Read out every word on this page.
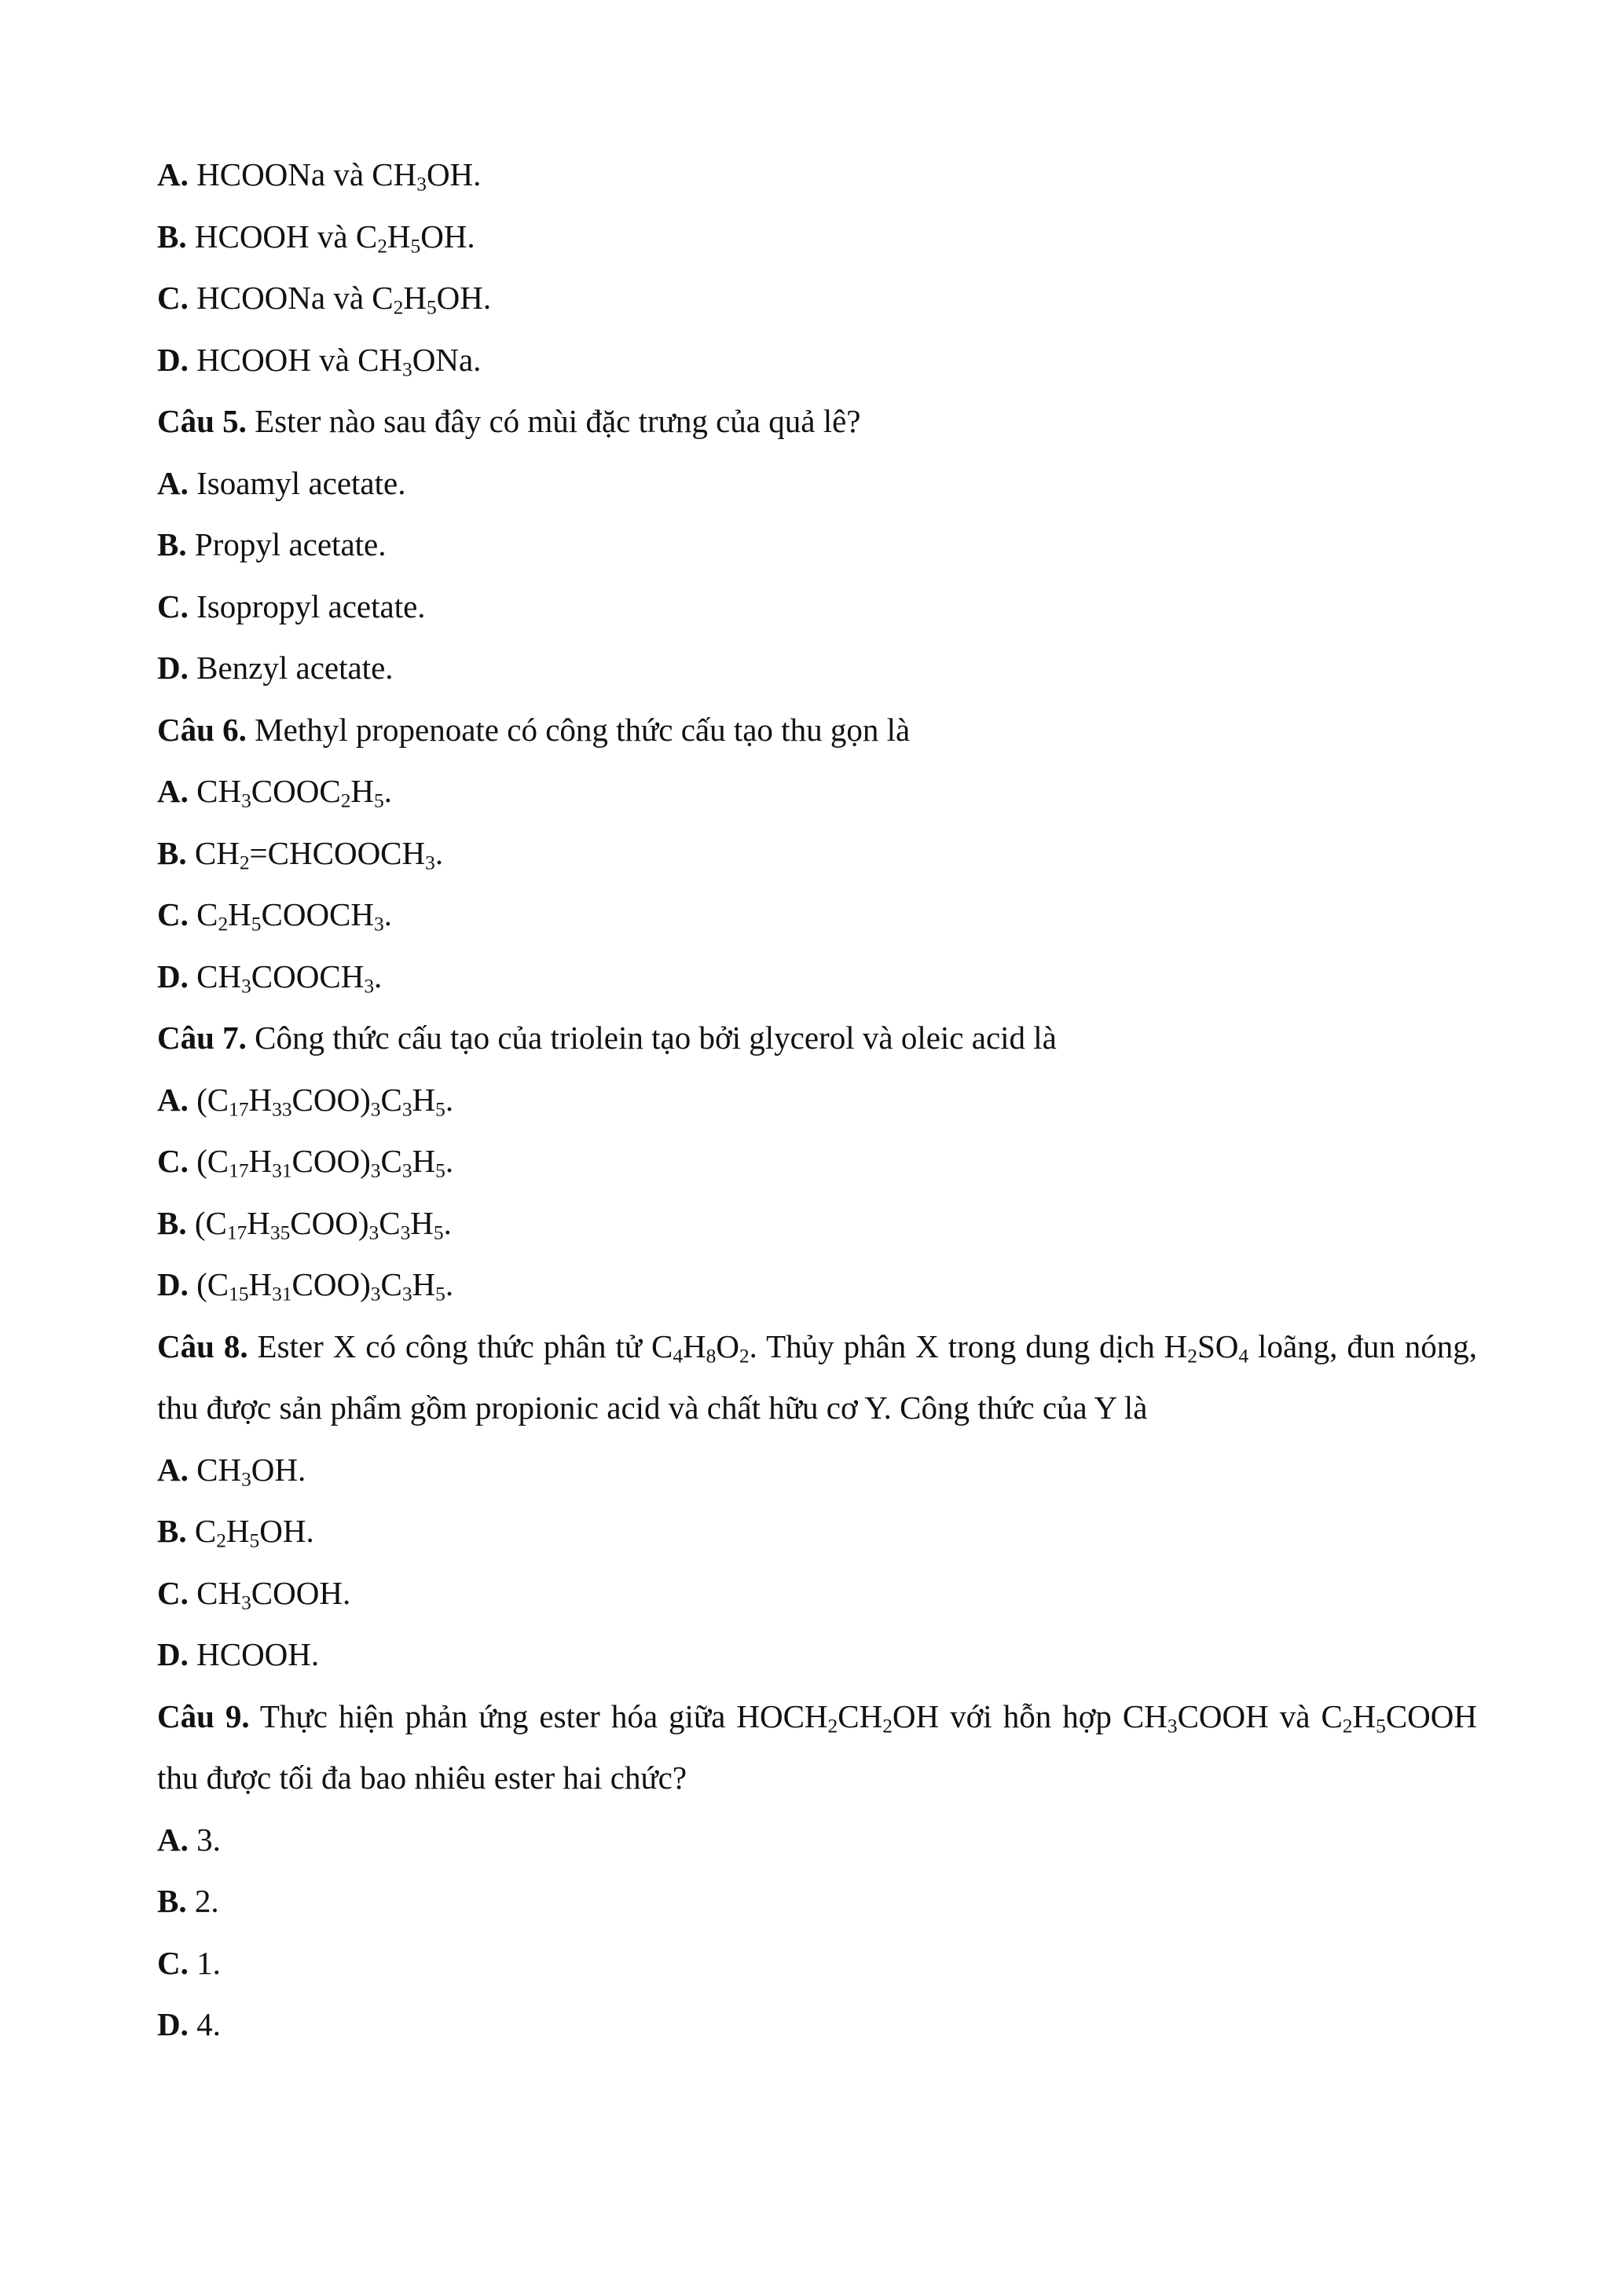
A. HCOONa và $CH_3OH$.
B. HCOOH và $C_2H_5OH$.
C. HCOONa và $C_2H_5OH$.
D. HCOOH và $CH_3ONa$.
Câu 5. Ester nào sau đây có mùi đặc trưng của quả lê?
A. Isoamyl acetate.
B. Propyl acetate.
C. Isopropyl acetate.
D. Benzyl acetate.
Câu 6. Methyl propenoate có công thức cấu tạo thu gọn là
A. $CH_3COOC_2H_5$.
B. $CH_2=CHCOOCH_3$.
C. $C_2H_5COOCH_3$.
D. $CH_3COOCH_3$.
Câu 7. Công thức cấu tạo của triolein tạo bởi glycerol và oleic acid là
A. $(C_{17}H_{33}COO)_3C_3H_5$.
C. $(C_{17}H_{31}COO)_3C_3H_5$.
B. $(C_{17}H_{35}COO)_3C_3H_5$.
D. $(C_{15}H_{31}COO)_3C_3H_5$.
Câu 8. Ester X có công thức phân tử $C_4H_8O_2$. Thủy phân X trong dung dịch $H_2SO_4$ loãng, đun nóng, thu được sản phẩm gồm propionic acid và chất hữu cơ Y. Công thức của Y là
A. $CH_3OH$.
B. $C_2H_5OH$.
C. $CH_3COOH$.
D. HCOOH.
Câu 9. Thực hiện phản ứng ester hóa giữa $HOCH_2CH_2OH$ với hỗn hợp $CH_3COOH$ và $C_2H_5COOH$ thu được tối đa bao nhiêu ester hai chức?
A. 3.
B. 2.
C. 1.
D. 4.
